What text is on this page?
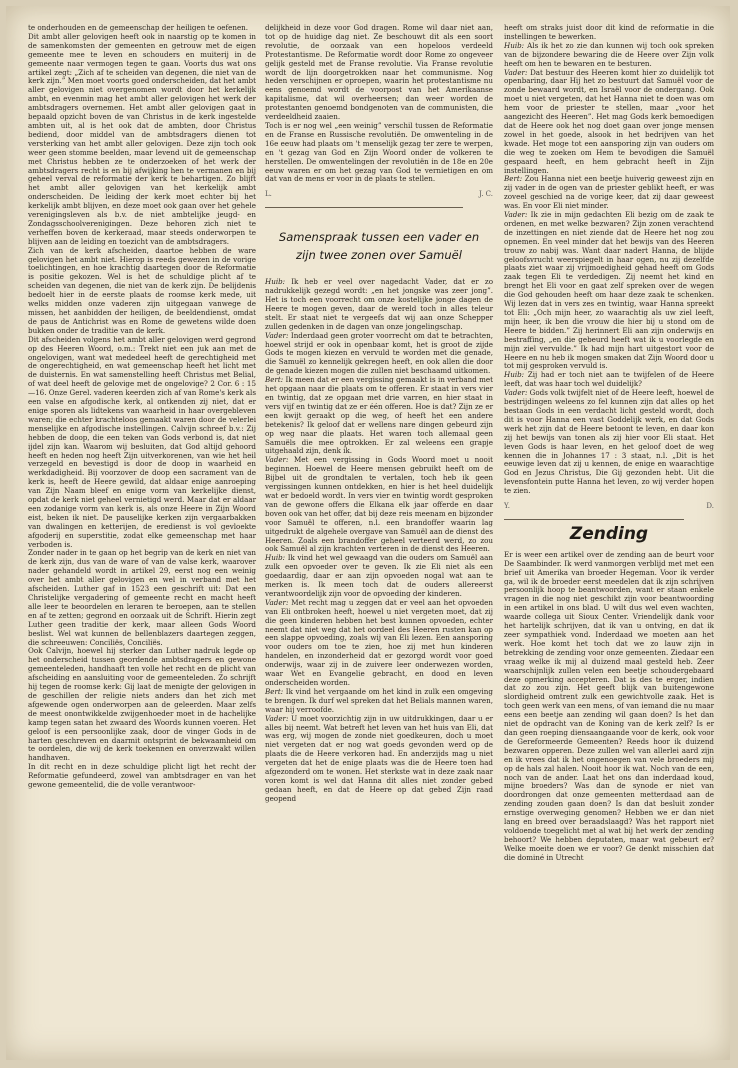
te onderhouden en de gemeenschap der heiligen te oefenen.

Dit ambt aller gelovigen heeft ook in naarstig op te komen in de samenkomsten der gemeenten en getrouw met de eigen gemeente mee te leven en schouders en muiterij in de gemeente naar vermogen tegen te gaan. Voorts dus wat ons artikel zegt: „Zich af te scheiden van degenen, die niet van de kerk zijn.” Men moet voorts goed onderscheiden, dat het ambt aller gelovigen niet overgenomen wordt door het kerkelijk ambt, en evenmin mag het ambt aller gelovigen het werk der ambtsdragers overnemen. Het ambt aller gelovigen gaat in bepaald opzicht boven de van Christus in de kerk ingestelde ambten uit, al is het ook dat de ambten, door Christus bediend, door middel van de ambtsdragers dienen tot versterking van het ambt aller gelovigen. Deze zijn toch ook weer geen stomme beelden, maar levend uit de gemeenschap met Christus hebben ze te onderzoeken of het werk der ambtsdragers recht is en bij afwijking hen te vermanen en bij geheel verval de reformatie der kerk te behartigen. Zo blijft het ambt aller gelovigen van het kerkelijk ambt onderscheiden. De leiding der kerk moet echter bij het kerkelijk ambt blijven, en deze moet ook gaan over het gehele verenigingsleven als b.v. de niet ambtelijke jeugd- en Zondagsschoolverenigingen. Deze behoren zich niet te verheffen boven de kerkeraad, maar steeds onderworpen te blijven aan de leiding en toezicht van de ambtsdragers.

Zich van de kerk afscheiden, daartoe hebben de ware gelovigen het ambt niet. Hierop is reeds gewezen in de vorige toelichtingen, en hoe krachtig daartegen door de Reformatie is positie gekozen. Wel is het de schuldige plicht af te scheiden van degenen, die niet van de kerk zijn. De belijdenis bedoelt hier in de eerste plaats de roomse kerk mede, uit welks midden onze vaderen zijn uitgegaan vanwege de missen, het aanbidden der heiligen, de beeldendienst, omdat de paus de Antichrist was en Rome de gewetens wilde doen bukken onder de traditie van de kerk.

Dit afscheiden volgens het ambt aller gelovigen werd gegrond op des Heeren Woord, o.m.: Trekt niet een juk aan met de ongelovigen, want wat mededeel heeft de gerechtigheid met de ongerechtigheid, en wat gemeenschap heeft het licht met de duisternis. En wat samenstelling heeft Christus met Belial, of wat deel heeft de gelovige met de ongelovige? 2 Cor. 6 : 15—16. Onze Gerel. vaderen keerden zich af van Rome's kerk als een valse en afgodische kerk, al ontkenden zij niet, dat er enige sporen als lidtekens van waarheid in haar overgebleven waren; die echter krachteloos gemaakt waren door de velerlei menselijke en afgodische instellingen. Calvijn schreef b.v.: Zij hebben de doop, die een teken van Gods verbond is, dat niet ijdel zijn kan. Waarom wij besluiten, dat God altijd gehoord heeft en heden nog heeft Zijn uitverkorenen, van wie het heil verzegeld en bevestigd is door de doop in waarheid en werkdadigheid. Bij voorzover de doop een sacrament van de kerk is, heeft de Heere gewild, dat aldaar enige aanroeping van Zijn Naam bleef en enige vorm van kerkelijke dienst, opdat de kerk niet geheel vernietigd werd. Maar dat er aldaar een zodanige vorm van kerk is, als onze Heere in Zijn Woord eist, beken ik niet. De pauselijke kerken zijn vergaarbakken van dwalingen en ketterijen, de eredienst is vol gevloekte afgoderij en superstitie, zodat elke gemeenschap met haar verboden is.

Zonder nader in te gaan op het begrip van de kerk en niet van de kerk zijn, dus van de ware of van de valse kerk, waarover nader gehandeld wordt in artikel 29, eerst nog een weinig over het ambt aller gelovigen en wel in verband met het afscheiden. Luther gaf in 1523 een geschrift uit: Dat een Christelijke vergadering of gemeente recht en macht heeft alle leer te beoordelen en leraren te beroepen, aan te stellen en af te zetten; gegrond en oorzaak uit de Schrift. Hierin zegt Luther geen traditie der kerk, maar alleen Gods Woord beslist. Wel wat kunnen de bellenblazers daartegen zeggen, die schreeuwen: Conciliës, Conciliës.

Ook Calvijn, hoewel hij sterker dan Luther nadruk legde op het onderscheid tussen geordende ambtsdragers en gewone gemeenteleden, handhaaft ten volle het recht en de plicht van afscheiding en aansluiting voor de gemeenteleden. Zo schrijft hij tegen de roomse kerk: Gij laat de menigte der gelovigen in de geschillen der religie niets anders dan het zich met afgewende ogen onderworpen aan de geleerden. Maar zelfs de meest onontwikkelde zwijgenhoeder moet in de hachelijke kamp tegen satan het zwaard des Woords kunnen voeren. Het geloof is een persoonlijke zaak, door de vinger Gods in de harten geschreven en daarmit ontsprint de bekwaamheid om te oordelen, die wij de kerk toekennen en onverzwakt willen handhaven.

In dit recht en in deze schuldige plicht ligt het recht der Reformatie gefundeerd, zowel van ambtsdrager en van het gewone gemeentelid, die de volle verantwoor-

delijkheid in deze voor God dragen. Rome wil daar niet aan, tot op de huidige dag niet. Ze beschouwt dit als een soort revolutie, de oorzaak van een hopeloos verdeeld Protestantisme. De Reformatie wordt door Rome zo ongeveer gelijk gesteld met de Franse revolutie. Via Franse revolutie wordt de lijn doorgetrokken naar het communisme. Nog heden verschijnen er oproepen, waarin het protestantisme nu eens genoemd wordt de voorpost van het Amerikaanse kapitalisme, dat wil overheersen; dan weer worden de protestanten genoemd bondgenoten van de communisten, die verdeeldheid zaaien.

Toch is er nog wel „een weinig” verschil tussen de Reformatie en de Franse en Russische revolutiën. De omwenteling in de 16e eeuw had plaats om 't menselijk gezag ter zere te werpen, en 't gezag van God en Zijn Woord onder de volkeren te herstellen. De omwentelingen der revolutiën in de 18e en 20e eeuw waren er om het gezag van God te vernietigen en om dat van de mens er voor in de plaats te stellen.

L.	J. C.
Samenspraak tussen een vader en
zijn twee zonen over Samuël

Huib: Ik heb er veel over nagedacht Vader, dat er zo nadrukkelijk gezegd wordt: „en het jongske was zeer jong”. Het is toch een voorrecht om onze kostelijke jonge dagen de Heere te mogen geven, daar de wereld toch in alles teleur stelt. Er staat niet te vergeefs dat wij aan onze Schepper zullen gedenken in de dagen van onze jongelingschap.

Vader: Inderdaad geen groter voorrecht om dat te betrachten, hoewel strijd er ook in openbaar komt, het is groot de zijde Gods te mogen kiezen en vervuld te worden met die genade, die Samuël zo kennelijk gekregen heeft, en ook allen die door de genade kiezen mogen die zullen niet beschaamd uitkomen.

Bert: Ik meen dat er een vergissing gemaakt is in verband met het opgaan naar die plaats om te offeren. Er staat in vers vier en twintig, dat ze opgaan met drie varren, en hier staat in vers vijf en twintig dat ze er één offeren. Hoe is dat? Zijn ze er een kwijt geraakt op die weg, of heeft het een andere betekenis? Ik geloof dat er wellens nare dingen gebeurd zijn op weg naar die plaats. Het waren toch allemaal geen Samuëls die mee optrokken. Er zal weleens een grapje uitgehaald zijn, denk ik.

Vader: Met een vergissing in Gods Woord moet u nooit beginnen. Hoewel de Heere mensen gebruikt heeft om de Bijbel uit de grondtalen te vertalen, toch heb ik geen vergissingen kunnen ontdekken, en hier is het heel duidelijk wat er bedoeld wordt. In vers vier en twintig wordt gesproken van de gewone offers die Elkana elk jaar offerde en daar boven ook van het offer, dat bij deze reis meenam en bijzonder voor Samuël te offeren, n.l. een brandoffer waarin lag uitgedrukt de algehele overgave van Samuël aan de dienst des Heeren. Zoals een brandoffer geheel verteerd werd, zo zou ook Samuël al zijn krachten verteren in de dienst des Heeren.

Huib: Ik vind het wel gewaagd van die ouders om Samuël aan zulk een opvoeder over te geven. Ik zie Eli niet als een goedaardig, daar er aan zijn opvoeden nogal wat aan te merken is. Ik meen toch dat de ouders allereerst verantwoordelijk zijn voor de opvoeding der kinderen.

Vader: Met recht mag u zeggen dat er veel aan het opvoeden van Eli ontbroken heeft, hoewel u niet vergeten moet, dat zij die geen kinderen hebben het best kunnen opvoeden, echter neemt dat niet weg dat het oordeel des Heeren rusten kan op een slappe opvoeding, zoals wij van Eli lezen. Een aansporing voor ouders om toe te zien, hoe zij met hun kinderen handelen, en inzonderheid dat er gezorgd wordt voor goed onderwijs, waar zij in de zuivere leer onderwezen worden, waar Wet en Evangelie gebracht, en dood en leven onderscheiden worden.

Bert: Ik vind het vergaande om het kind in zulk een omgeving te brengen. Ik durf wel spreken dat het Belials mannen waren, waar hij verroofde.

Vader: U moet voorzichtig zijn in uw uitdrukkingen, daar u er alles bij neemt. Wat betreft het leven van het huis van Eli, dat was erg, wij mogen de zonde niet goedkeuren, doch u moet niet vergeten dat er nog wat goeds gevonden werd op de plaats die de Heere verkoren had. En anderzijds mag u niet vergeten dat het de enige plaats was die de Heere toen had afgezonderd om te wonen. Het sterkste wat in deze zaak naar voren komt is wel dat Hanna dit alles niet zonder gebed gedaan heeft, en dat de Heere op dat gebed Zijn raad geopend

heeft om straks juist door dit kind de reformatie in die instellingen te bewerken.

Huib: Als ik het zo zie dan kunnen wij toch ook spreken van de bijzondere bewaring die de Heere over Zijn volk heeft om hen te bewaren en te besturen.

Vader: Dat bestuur des Heeren komt hier zo duidelijk tot openbaring, daar Hij het zo bestuurt dat Samuël voor de zonde bewaard wordt, en Israël voor de ondergang. Ook moet u niet vergeten, dat het Hanna niet te doen was om hem voor de priester te stellen, maar „voor het aangezicht des Heeren”. Het mag Gods kerk bemoedigen dat de Heere ook het nog doet gaan over jonge mensen zowel in het goede, alsook in het bedrijven van het kwade. Het mogе tot een aansporing zijn van ouders om die weg te zoeken om Hem te bevodigen die Samuël gespaard heeft, en hem gebracht heeft in Zijn instellingen.

Bert: Zou Hanna niet een beetje huiverig geweest zijn en zij vader in de ogen van de priester geblikt heeft, er was zoveel geschied na de vorige keer, dat zij daar geweest was. En voor Eli niet minder.

Vader: Ik zie in mijn gedachten Eli bezig om de zaak te ordenen, en met welke bezwaren? Zijn zonen verachtend de inzettingen en niet ziende dat de Heere het nog zou opnemen. En veel minder dat het bewijs van des Heeren trouw zo nabij was. Want daar nadert Hanna, de blijde geloofsvrucht weerspiegelt in haar ogen, nu zij dezelfde plaats ziet waar zij vrijmoedigheid gehad heeft om Gods zaak tegen Eli te verdedigen. Zij neemt het kind en brengt het Eli voor en gaat zelf spreken over de wegen die God gehouden heeft om haar deze zaak te schenken. Wij lezen dat in vers zes en twintig, waar Hanna spreekt tot Eli: „Och mijn heer, zo waarachtig als uw ziel leeft, mijn heer, ik ben die vrouw die hier bij u stond om de Heere te bidden.” Zij herinnert Eli aan zijn onderwijs en bestraffing, „en die gebeurd heeft wat ik u voorlegde en mijn ziel vervulde.” Ik had mijn hart uitgestort voor de Heere en nu heb ik mogen smaken dat Zijn Woord door u tot mij gesproken vervuld is.

Huib: Zij had er toch niet aan te twijfelen of de Heere leeft, dat was haar toch wel duidelijk?

Vader: Gods volk twijfelt niet of de Heere leeft, hoewel de bestrijdingen weleens zo fel kunnen zijn dat alles op het bestaan Gods in een verdacht licht gesteld wordt, doch dit is voor Hanna een vast Goddelijk werk, en dat Gods werk het zijn dat de Heere betoont te leven, en daar kon zij het bewijs van tonen als zij hier voor Eli staat. Het leven Gods is haar leven, en het geloof doet de weg kennen die in Johannes 17 : 3 staat, n.l. „Dit is het eeuwige leven dat zij u kennen, de enige en waarachtige God en Jezus Christus, Die Gij gezonden hebt. Uit die levensfontein putte Hanna het leven, zo wij verder hopen te zien.

Y.	D.
Zending

Er is weer een artikel over de zending aan de beurt voor De Saambinder. Ik werd vanmorgen verblijd met met een brief uit Amerika van broeder Hegeman. Voor ik verder ga, wil ik de broeder eerst meedelen dat ik zijn schrijven persoonlijk hoop te beantwoorden, want er staan enkele vragen in die nog niet geschikt zijn voor beantwoording in een artikel in ons blad. U wilt dus wel even wachten, waarde collega uit Sioux Center. Vriendelijk dank voor het hartelijk schrijven, dat ik van u ontving, en dat ik zeer sympathiek vond. Inderdaad we moeten aan het werk. Hoe komt het toch dat we zo lauw zijn in betrekking de zending voor onze gemeenten. Ziedaar een vraag welke ik mij al duizend maal gesteld heb. Zeer waarschijnlijk zullen velen een beetje schoudergebaard deze opmerking accepteren. Dat is des te erger, indien dat zo zou zijn. Het geeft blijk van buitengewone slordigheid omtrent zulk een gewichtvolle zaak. Het is toch geen werk van een mens, of van iemand die nu maar eens een beetje aan zending wil gaan doen? Is het dan niet de opdracht van de Koning van de kerk zelf? Is er dan geen roeping diensaangaande voor de kerk, ook voor de Gereformeerde Gemeenten? Reeds hoor ik duizend bezwaren opperen. Deze zullen wel van allerlei aard zijn en ik vrees dat ik het ongenoegen van vele broeders mij op de hals zal halen. Nooit hoor ik wat. Noch van de een, noch van de ander. Laat het ons dan inderdaad koud, mijne broeders? Was dan de synode er niet van doordrongen dat onze gemeenten metterdaad aan de zending zouden gaan doen? Is dan dat besluit zonder ernstige overweging genomen? Hebben we er dan niet lang en breed over beraadslaagd? Was het rapport niet voldoende toegelicht met al wat bij het werk der zending behoort? We hebben deputaten, maar wat gebeurt er? Welke moeite doen we er voor? Ge denkt misschien dat die dominé in Utrecht
